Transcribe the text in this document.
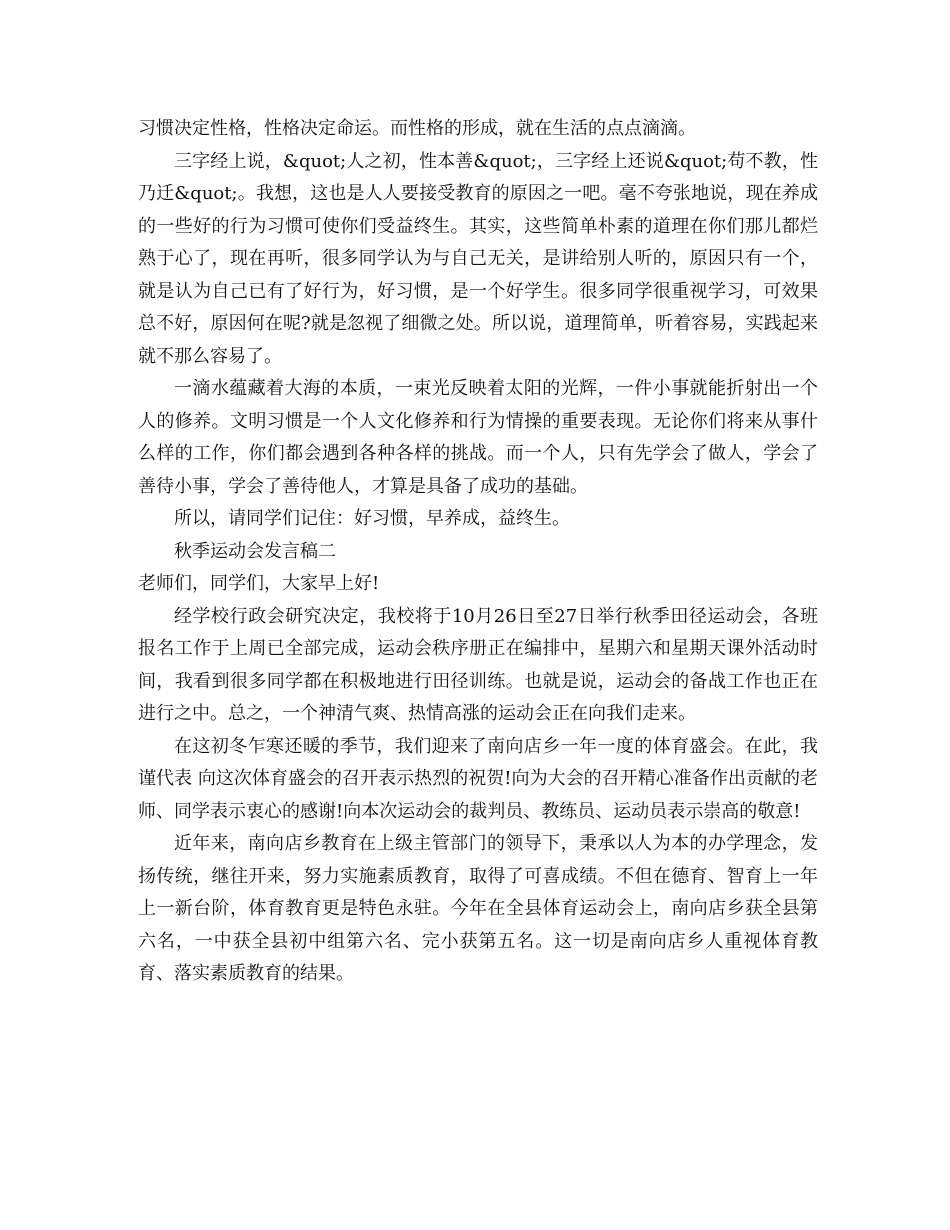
习惯决定性格，性格决定命运。而性格的形成，就在生活的点点滴滴。

三字经上说，&quot;人之初，性本善&quot;，三字经上还说&quot;苟不教，性乃迁&quot;。我想，这也是人人要接受教育的原因之一吧。毫不夸张地说，现在养成的一些好的行为习惯可使你们受益终生。其实，这些简单朴素的道理在你们那儿都烂熟于心了，现在再听，很多同学认为与自己无关，是讲给别人听的，原因只有一个，就是认为自己已有了好行为，好习惯，是一个好学生。很多同学很重视学习，可效果总不好，原因何在呢?就是忽视了细微之处。所以说，道理简单，听着容易，实践起来就不那么容易了。

一滴水蕴藏着大海的本质，一束光反映着太阳的光辉，一件小事就能折射出一个人的修养。文明习惯是一个人文化修养和行为情操的重要表现。无论你们将来从事什么样的工作，你们都会遇到各种各样的挑战。而一个人，只有先学会了做人，学会了善待小事，学会了善待他人，才算是具备了成功的基础。

所以，请同学们记住：好习惯，早养成，益终生。

秋季运动会发言稿二

老师们，同学们，大家早上好!

经学校行政会研究决定，我校将于10月26日至27日举行秋季田径运动会，各班报名工作于上周已全部完成，运动会秩序册正在编排中，星期六和星期天课外活动时间，我看到很多同学都在积极地进行田径训练。也就是说，运动会的备战工作也正在进行之中。总之，一个神清气爽、热情高涨的运动会正在向我们走来。

在这初冬乍寒还暖的季节，我们迎来了南向店乡一年一度的体育盛会。在此，我谨代表 向这次体育盛会的召开表示热烈的祝贺!向为大会的召开精心准备作出贡献的老师、同学表示衷心的感谢!向本次运动会的裁判员、教练员、运动员表示崇高的敬意!

近年来，南向店乡教育在上级主管部门的领导下，秉承以人为本的办学理念，发扬传统，继往开来，努力实施素质教育，取得了可喜成绩。不但在德育、智育上一年上一新台阶，体育教育更是特色永驻。今年在全县体育运动会上，南向店乡获全县第六名，一中获全县初中组第六名、完小获第五名。这一切是南向店乡人重视体育教育、落实素质教育的结果。
